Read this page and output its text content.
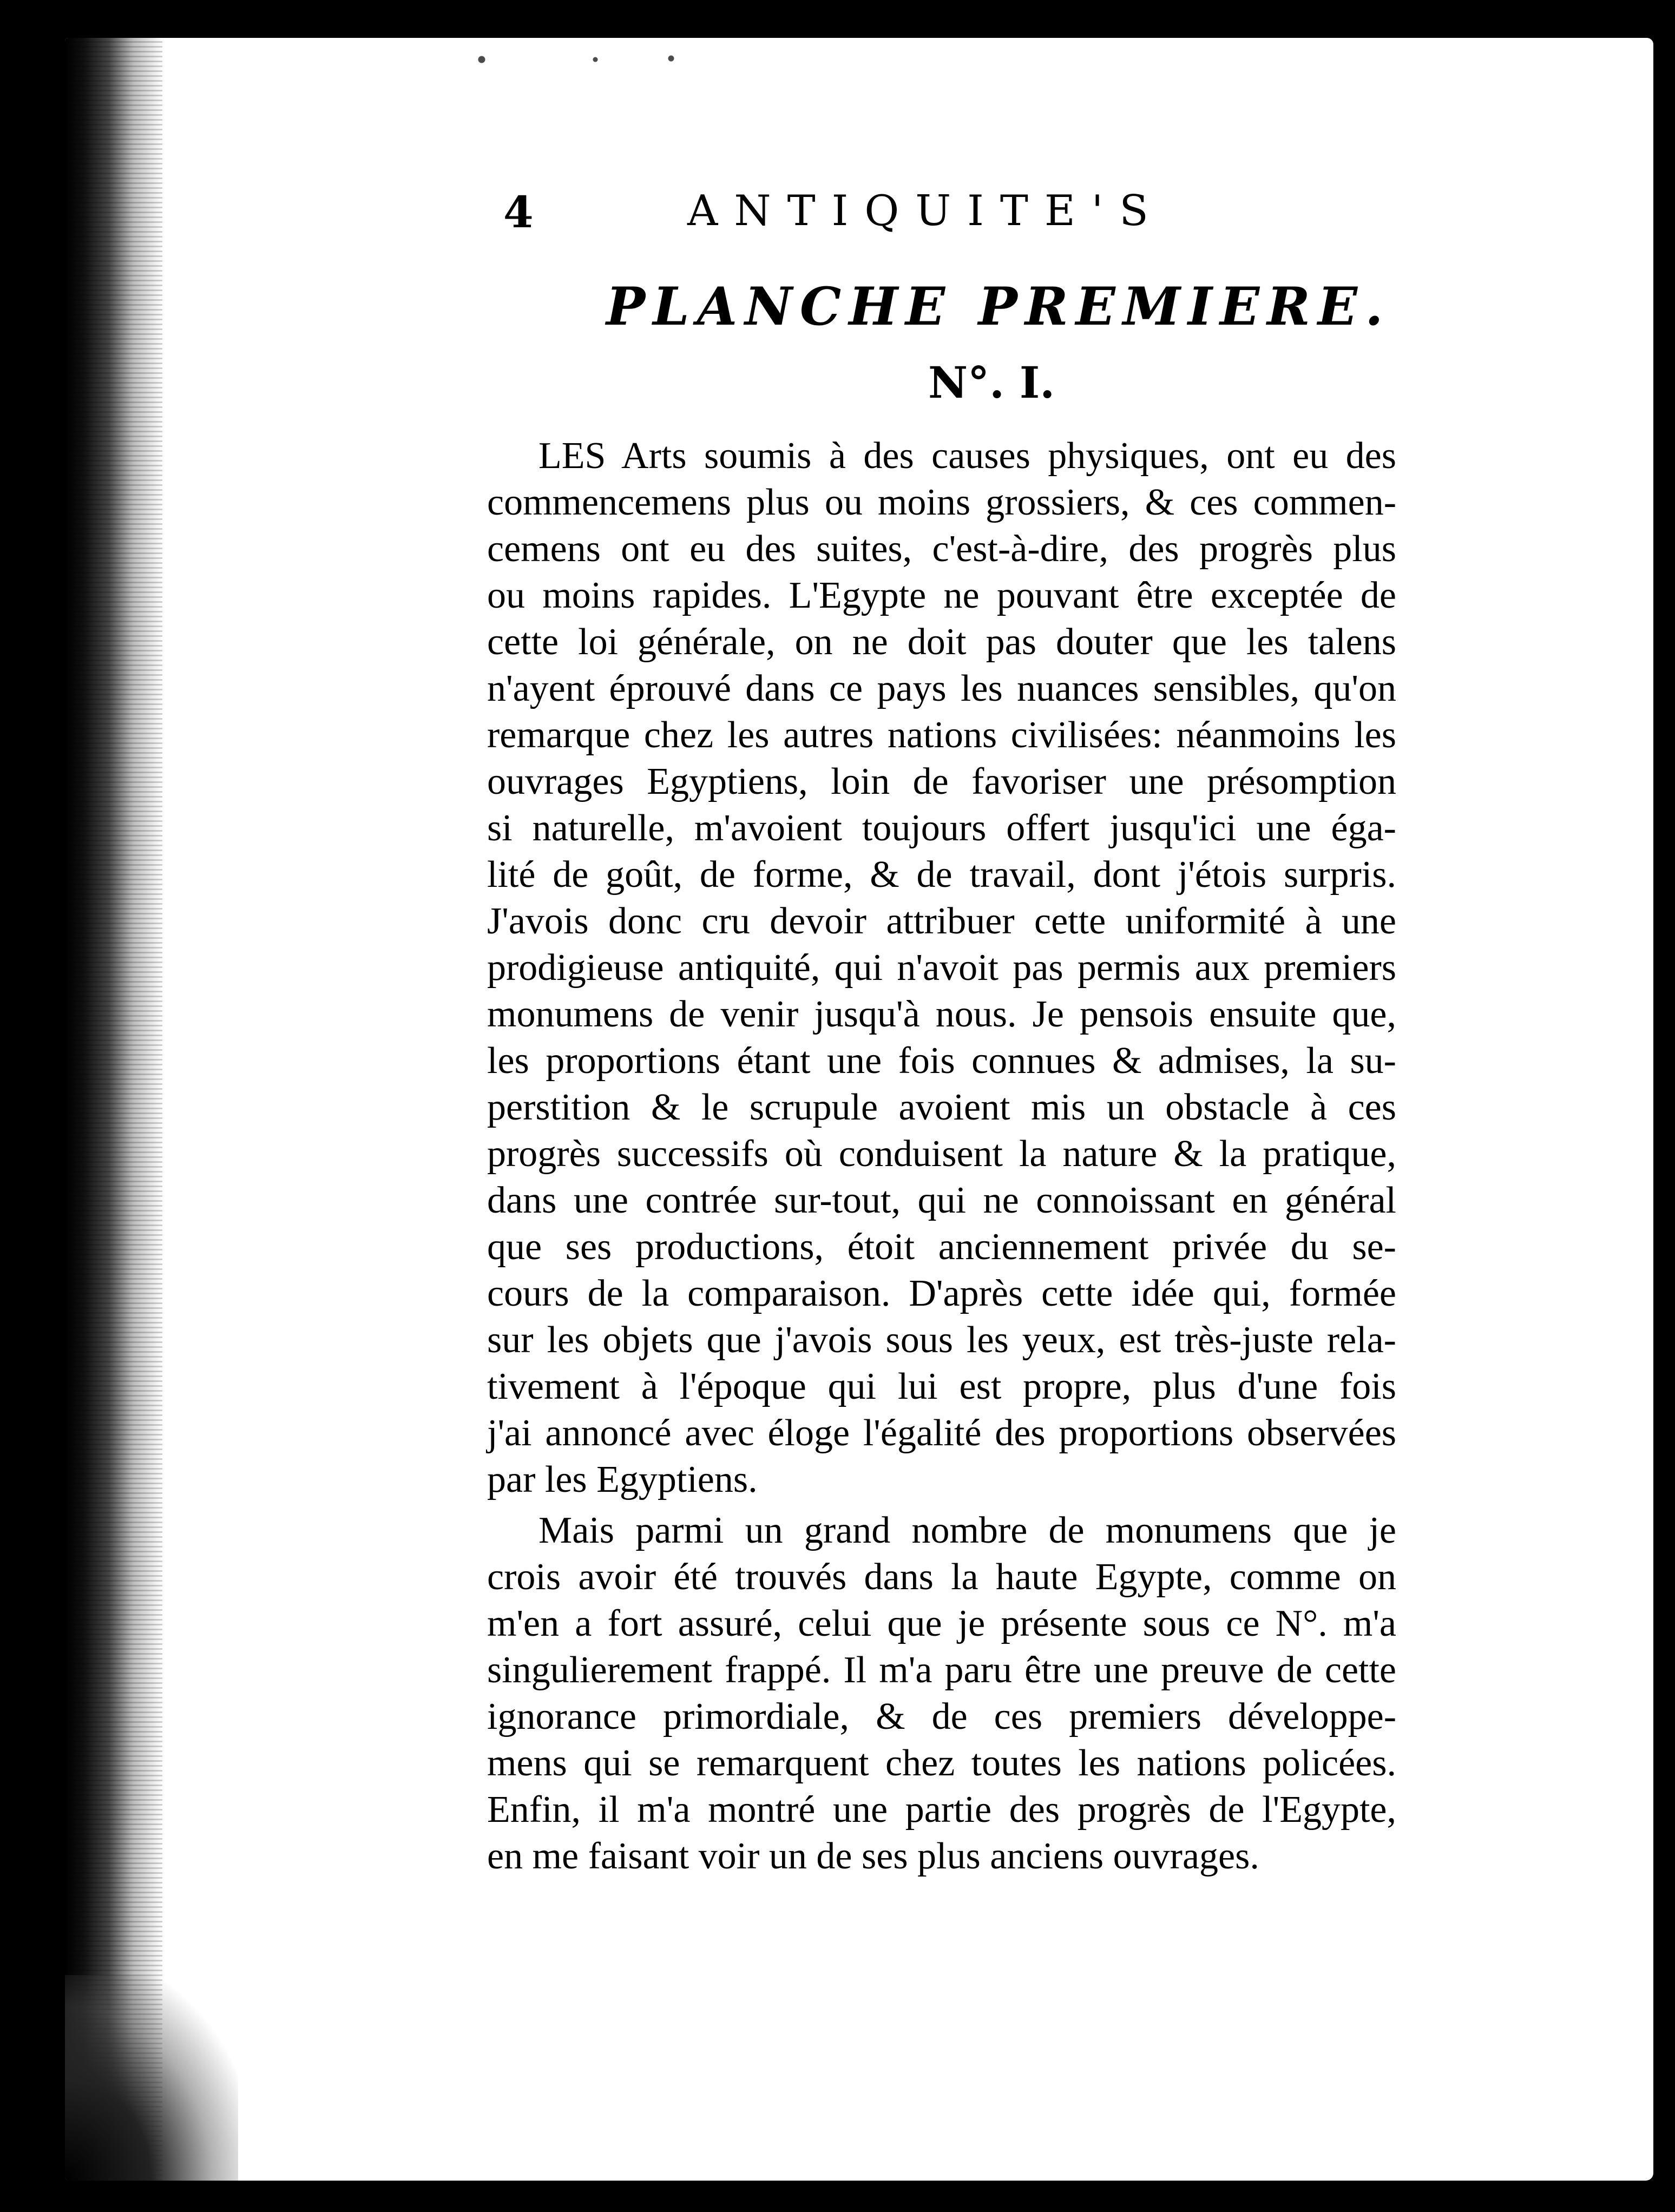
4	ANTIQUITE'S
PLANCHE PREMIERE.
N°. I.
LES Arts soumis à des causes physiques, ont eu des
commencemens plus ou moins grossiers, & ces commen-
cemens ont eu des suites, c'est-à-dire, des progrès plus
ou moins rapides. L'Egypte ne pouvant être exceptée de
cette loi générale, on ne doit pas douter que les talens
n'ayent éprouvé dans ce pays les nuances sensibles, qu'on
remarque chez les autres nations civilisées: néanmoins les
ouvrages Egyptiens, loin de favoriser une présomption
si naturelle, m'avoient toujours offert jusqu'ici une éga-
lité de goût, de forme, & de travail, dont j'étois surpris.
J'avois donc cru devoir attribuer cette uniformité à une
prodigieuse antiquité, qui n'avoit pas permis aux premiers
monumens de venir jusqu'à nous. Je pensois ensuite que,
les proportions étant une fois connues & admises, la su-
perstition & le scrupule avoient mis un obstacle à ces
progrès successifs où conduisent la nature & la pratique,
dans une contrée sur-tout, qui ne connoissant en général
que ses productions, étoit anciennement privée du se-
cours de la comparaison. D'après cette idée qui, formée
sur les objets que j'avois sous les yeux, est très-juste rela-
tivement à l'époque qui lui est propre, plus d'une fois
j'ai annoncé avec éloge l'égalité des proportions observées
par les Egyptiens.
Mais parmi un grand nombre de monumens que je
crois avoir été trouvés dans la haute Egypte, comme on
m'en a fort assuré, celui que je présente sous ce N°. m'a
singulierement frappé. Il m'a paru être une preuve de cette
ignorance primordiale, & de ces premiers développe-
mens qui se remarquent chez toutes les nations policées.
Enfin, il m'a montré une partie des progrès de l'Egypte,
en me faisant voir un de ses plus anciens ouvrages.
